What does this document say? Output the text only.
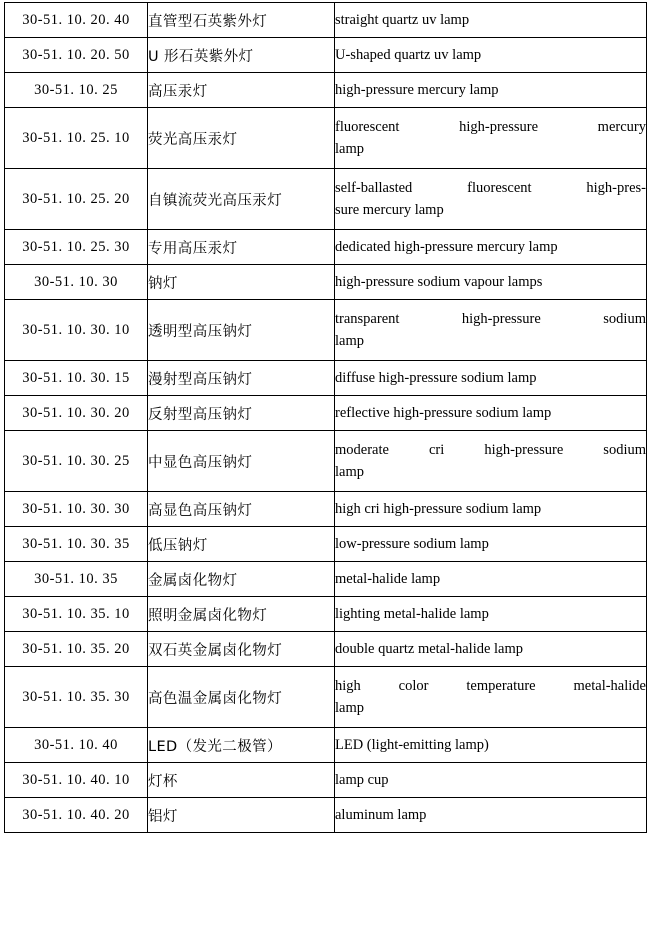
30-51. 10. 20. 40	直管型石英紫外灯	straight quartz uv lamp
30-51. 10. 20. 50	U 形石英紫外灯	U-shaped quartz uv lamp
30-51. 10. 25	高压汞灯	high-pressure mercury lamp
30-51. 10. 25. 10	荧光高压汞灯	fluorescent high-pressure mercury
lamp

30-51. 10. 25. 20	自镇流荧光高压汞灯	self-ballasted fluorescent high-pres-
sure mercury lamp

30-51. 10. 25. 30	专用高压汞灯	dedicated high-pressure mercury lamp
30-51. 10. 30	钠灯	high-pressure sodium vapour lamps
30-51. 10. 30. 10	透明型高压钠灯	transparent high-pressure sodium
lamp

30-51. 10. 30. 15	漫射型高压钠灯	diffuse high-pressure sodium lamp
30-51. 10. 30. 20	反射型高压钠灯	reflective high-pressure sodium lamp
30-51. 10. 30. 25	中显色高压钠灯	moderate cri high-pressure sodium
lamp

30-51. 10. 30. 30	高显色高压钠灯	high cri high-pressure sodium lamp
30-51. 10. 30. 35	低压钠灯	low-pressure sodium lamp
30-51. 10. 35	金属卤化物灯	metal-halide lamp
30-51. 10. 35. 10	照明金属卤化物灯	lighting metal-halide lamp
30-51. 10. 35. 20	双石英金属卤化物灯	double quartz metal-halide lamp
30-51. 10. 35. 30	高色温金属卤化物灯	high color temperature metal-halide
lamp

30-51. 10. 40	LED（发光二极管）	LED (light-emitting lamp)
30-51. 10. 40. 10	灯杯	lamp cup
30-51. 10. 40. 20	铝灯	aluminum lamp
